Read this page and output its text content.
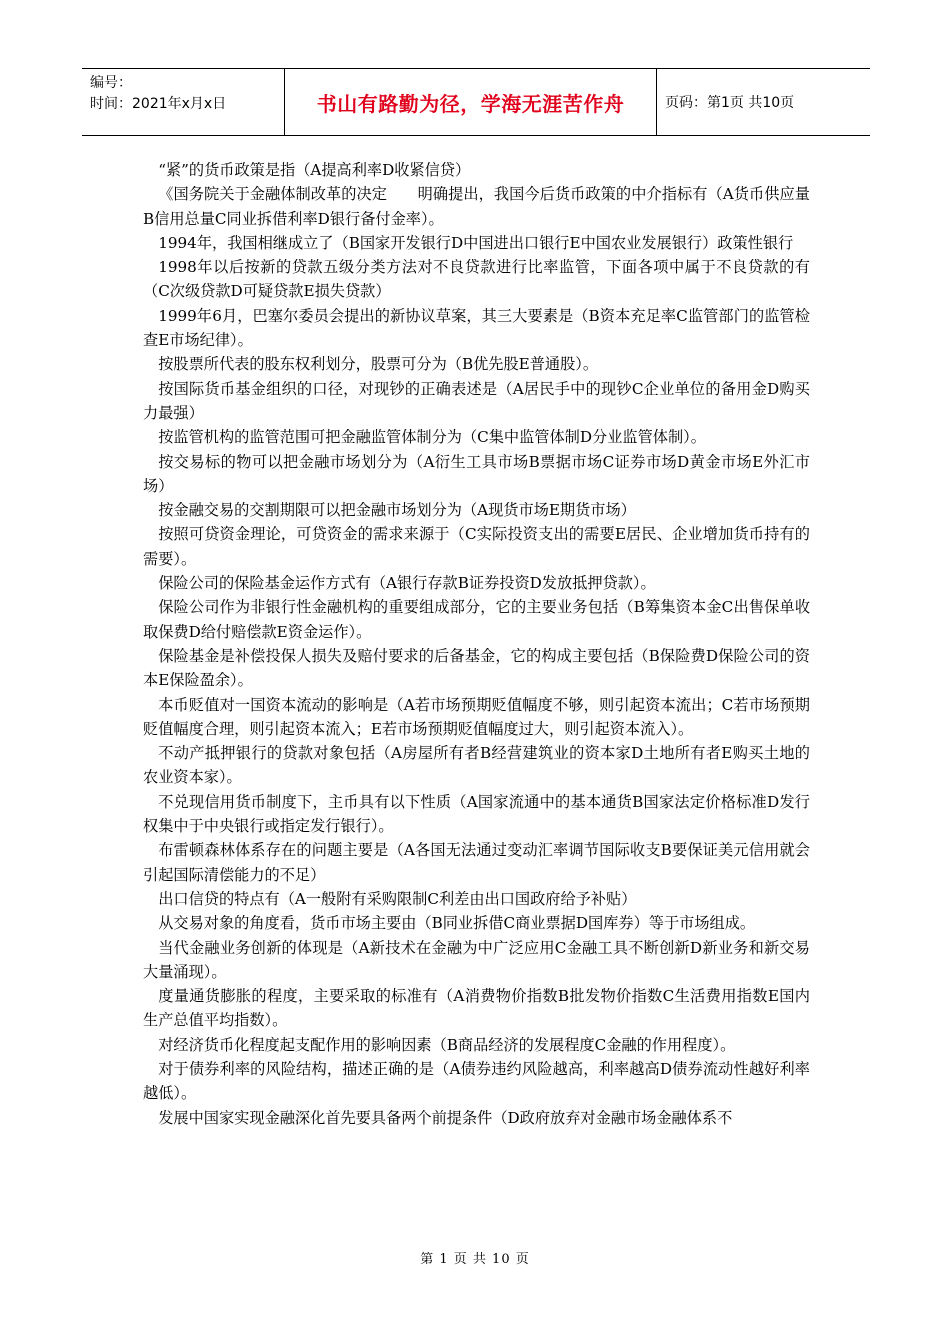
编号：
时间：2021年x月x日	书山有路勤为径，学海无涯苦作舟	页码：第1页 共10页

“紧”的货币政策是指（A提高利率D收紧信贷）

《国务院关于金融体制改革的决定　　明确提出，我国今后货币政策的中介指标有（A货币供应量B信用总量C同业拆借利率D银行备付金率）。

1994年，我国相继成立了（B国家开发银行D中国进出口银行E中国农业发展银行）政策性银行

1998年以后按新的贷款五级分类方法对不良贷款进行比率监管，下面各项中属于不良贷款的有（C次级贷款D可疑贷款E损失贷款）

1999年6月，巴塞尔委员会提出的新协议草案，其三大要素是（B资本充足率C监管部门的监管检查E市场纪律）。

按股票所代表的股东权利划分，股票可分为（B优先股E普通股）。

按国际货币基金组织的口径，对现钞的正确表述是（A居民手中的现钞C企业单位的备用金D购买力最强）

按监管机构的监管范围可把金融监管体制分为（C集中监管体制D分业监管体制）。

按交易标的物可以把金融市场划分为（A衍生工具市场B票据市场C证券市场D黄金市场E外汇市场）

按金融交易的交割期限可以把金融市场划分为（A现货市场E期货市场）

按照可贷资金理论，可贷资金的需求来源于（C实际投资支出的需要E居民、企业增加货币持有的需要）。

保险公司的保险基金运作方式有（A银行存款B证券投资D发放抵押贷款）。

保险公司作为非银行性金融机构的重要组成部分，它的主要业务包括（B筹集资本金C出售保单收取保费D给付赔偿款E资金运作）。

保险基金是补偿投保人损失及赔付要求的后备基金，它的构成主要包括（B保险费D保险公司的资本E保险盈余）。

本币贬值对一国资本流动的影响是（A若市场预期贬值幅度不够，则引起资本流出；C若市场预期贬值幅度合理，则引起资本流入；E若市场预期贬值幅度过大，则引起资本流入）。

不动产抵押银行的贷款对象包括（A房屋所有者B经营建筑业的资本家D土地所有者E购买土地的农业资本家）。

不兑现信用货币制度下，主币具有以下性质（A国家流通中的基本通货B国家法定价格标准D发行权集中于中央银行或指定发行银行）。

布雷顿森林体系存在的问题主要是（A各国无法通过变动汇率调节国际收支B要保证美元信用就会引起国际清偿能力的不足）

出口信贷的特点有（A一般附有采购限制C利差由出口国政府给予补贴）

从交易对象的角度看，货币市场主要由（B同业拆借C商业票据D国库券）等于市场组成。

当代金融业务创新的体现是（A新技术在金融为中广泛应用C金融工具不断创新D新业务和新交易大量涌现）。

度量通货膨胀的程度，主要采取的标准有（A消费物价指数B批发物价指数C生活费用指数E国内生产总值平均指数）。

对经济货币化程度起支配作用的影响因素（B商品经济的发展程度C金融的作用程度）。

对于债券利率的风险结构，描述正确的是（A债券违约风险越高，利率越高D债券流动性越好利率越低）。

发展中国家实现金融深化首先要具备两个前提条件（D政府放弃对金融市场金融体系不

第 1 页 共 10 页
